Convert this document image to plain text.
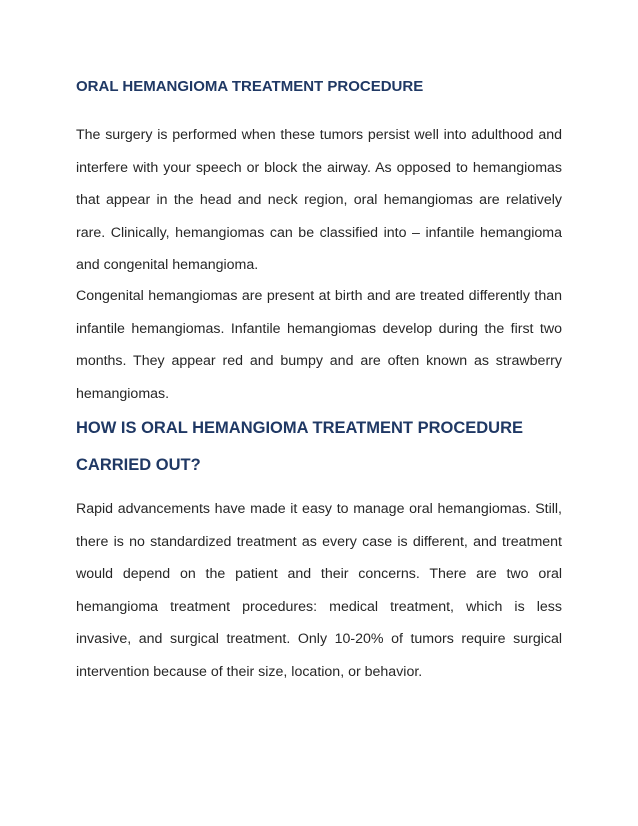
ORAL HEMANGIOMA TREATMENT PROCEDURE

The surgery is performed when these tumors persist well into adulthood and interfere with your speech or block the airway. As opposed to hemangiomas that appear in the head and neck region, oral hemangiomas are relatively rare. Clinically, hemangiomas can be classified into – infantile hemangioma and congenital hemangioma.

Congenital hemangiomas are present at birth and are treated differently than infantile hemangiomas. Infantile hemangiomas develop during the first two months. They appear red and bumpy and are often known as strawberry hemangiomas.

HOW IS ORAL HEMANGIOMA TREATMENT PROCEDURE CARRIED OUT?

Rapid advancements have made it easy to manage oral hemangiomas. Still, there is no standardized treatment as every case is different, and treatment would depend on the patient and their concerns. There are two oral hemangioma treatment procedures: medical treatment, which is less invasive, and surgical treatment. Only 10-20% of tumors require surgical intervention because of their size, location, or behavior.
